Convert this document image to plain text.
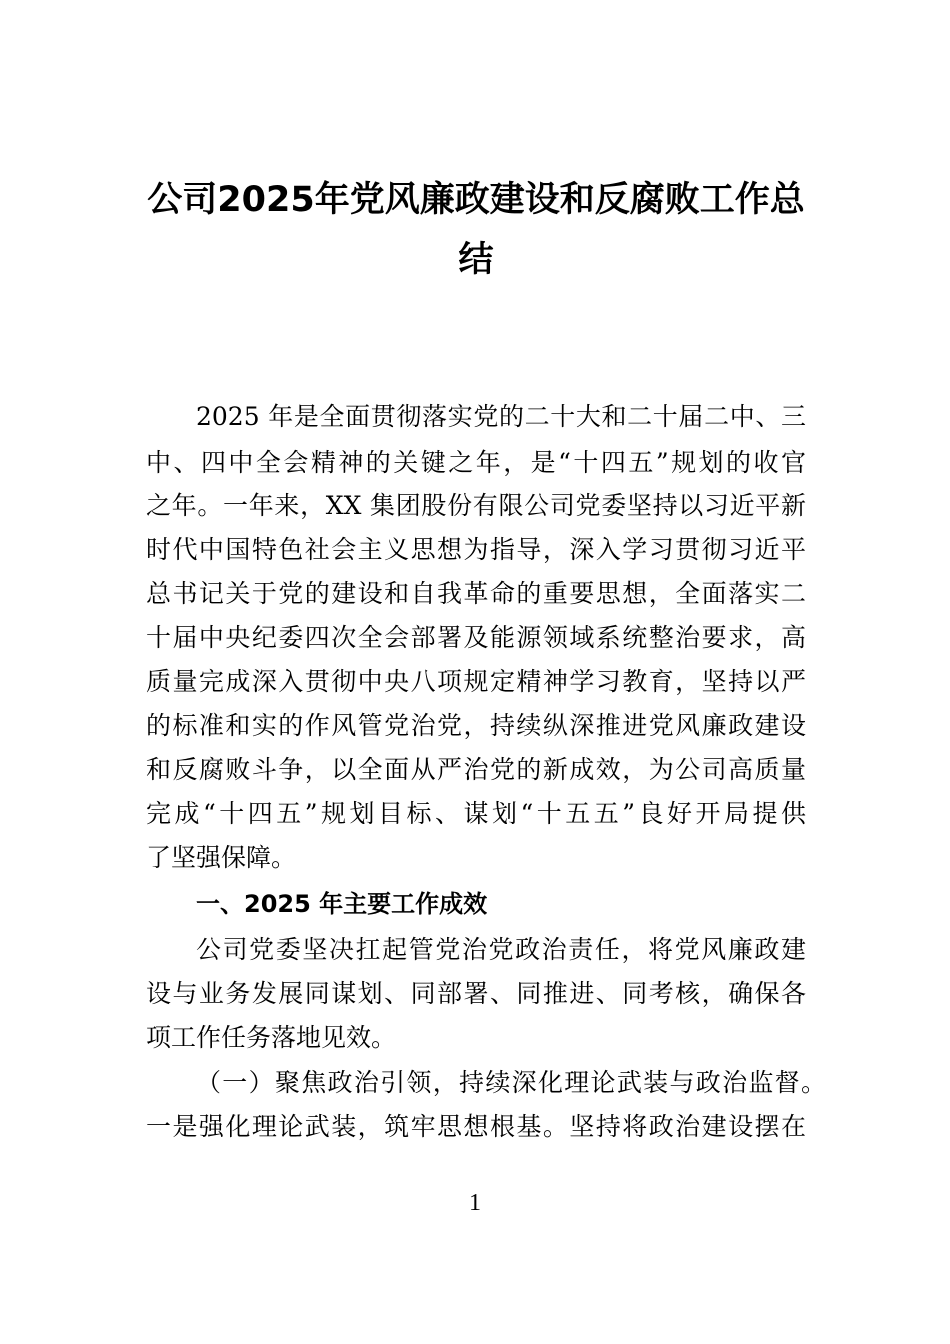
公司2025年党风廉政建设和反腐败工作总
结

2025 年是全面贯彻落实党的二十大和二十届二中、三

中、四中全会精神的关键之年，是“十四五”规划的收官

之年。一年来，XX 集团股份有限公司党委坚持以习近平新

时代中国特色社会主义思想为指导，深入学习贯彻习近平

总书记关于党的建设和自我革命的重要思想，全面落实二

十届中央纪委四次全会部署及能源领域系统整治要求，高

质量完成深入贯彻中央八项规定精神学习教育，坚持以严

的标准和实的作风管党治党，持续纵深推进党风廉政建设

和反腐败斗争，以全面从严治党的新成效，为公司高质量

完成“十四五”规划目标、谋划“十五五”良好开局提供

了坚强保障。

一、2025 年主要工作成效

公司党委坚决扛起管党治党政治责任，将党风廉政建

设与业务发展同谋划、同部署、同推进、同考核，确保各

项工作任务落地见效。

（一）聚焦政治引领，持续深化理论武装与政治监督。

一是强化理论武装，筑牢思想根基。坚持将政治建设摆在

1
